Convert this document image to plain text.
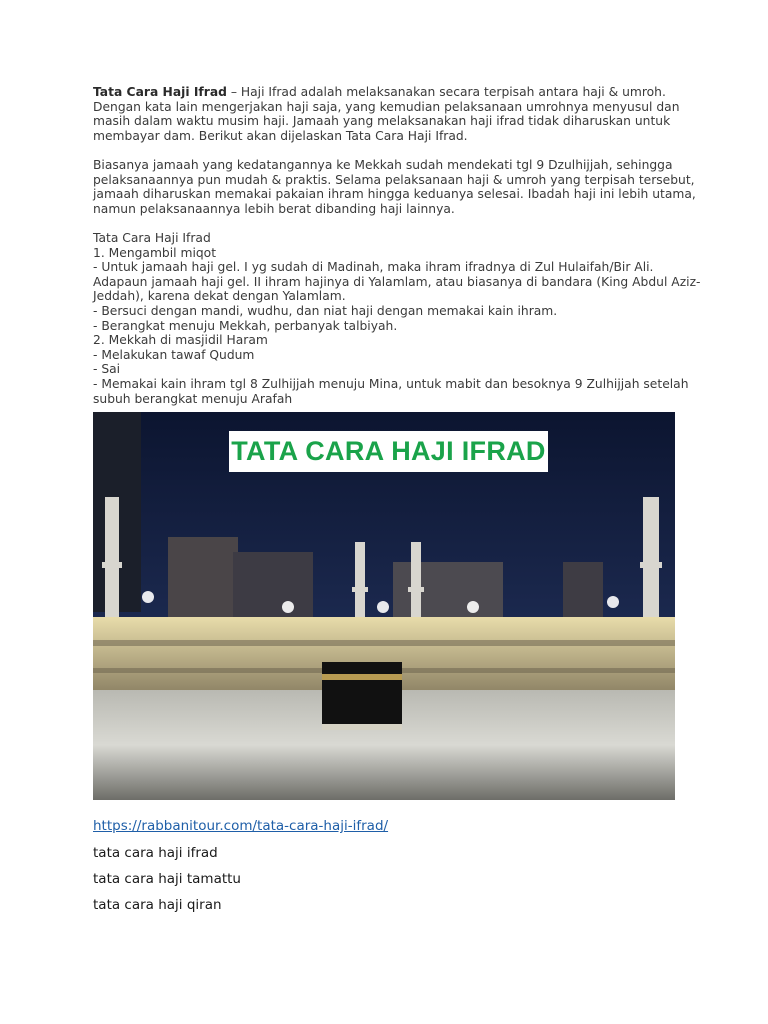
Tata Cara Haji Ifrad – Haji Ifrad adalah melaksanakan secara terpisah antara haji & umroh.
Dengan kata lain mengerjakan haji saja, yang kemudian pelaksanaan umrohnya menyusul dan
masih dalam waktu musim haji. Jamaah yang melaksanakan haji ifrad tidak diharuskan untuk
membayar dam. Berikut akan dijelaskan Tata Cara Haji Ifrad.
Biasanya jamaah yang kedatangannya ke Mekkah sudah mendekati tgl 9 Dzulhijjah, sehingga
pelaksanaannya pun mudah & praktis. Selama pelaksanaan haji & umroh yang terpisah tersebut,
jamaah diharuskan memakai pakaian ihram hingga keduanya selesai. Ibadah haji ini lebih utama,
namun pelaksanaannya lebih berat dibanding haji lainnya.
Tata Cara Haji Ifrad
1. Mengambil miqot
- Untuk jamaah haji gel. I yg sudah di Madinah, maka ihram ifradnya di Zul Hulaifah/Bir Ali.
Adapaun jamaah haji gel. II ihram hajinya di Yalamlam, atau biasanya di bandara (King Abdul Aziz-
Jeddah), karena dekat dengan Yalamlam.
- Bersuci dengan mandi, wudhu, dan niat haji dengan memakai kain ihram.
- Berangkat menuju Mekkah, perbanyak talbiyah.
2. Mekkah di masjidil Haram
- Melakukan tawaf Qudum
- Sai
- Memakai kain ihram tgl 8 Zulhijjah menuju Mina, untuk mabit dan besoknya 9 Zulhijjah setelah
subuh berangkat menuju Arafah
TATA CARA HAJI IFRAD
https://rabbanitour.com/tata-cara-haji-ifrad/
tata cara haji ifrad
tata cara haji tamattu
tata cara haji qiran
